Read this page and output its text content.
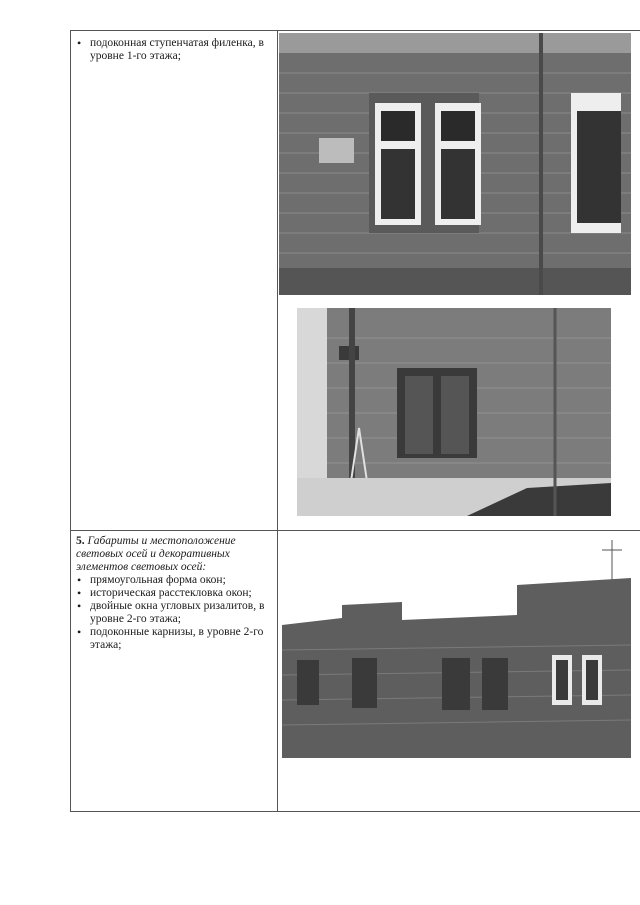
• подоконная ступенчатая филенка, в уровне 1-го этажа;
5. Габариты и местоположение световых осей и декоративных элементов световых осей:
• прямоугольная форма окон;
• историческая расстекловка окон;
• двойные окна угловых ризалитов, в уровне 2-го этажа;
• подоконные карнизы, в уровне 2-го этажа;
